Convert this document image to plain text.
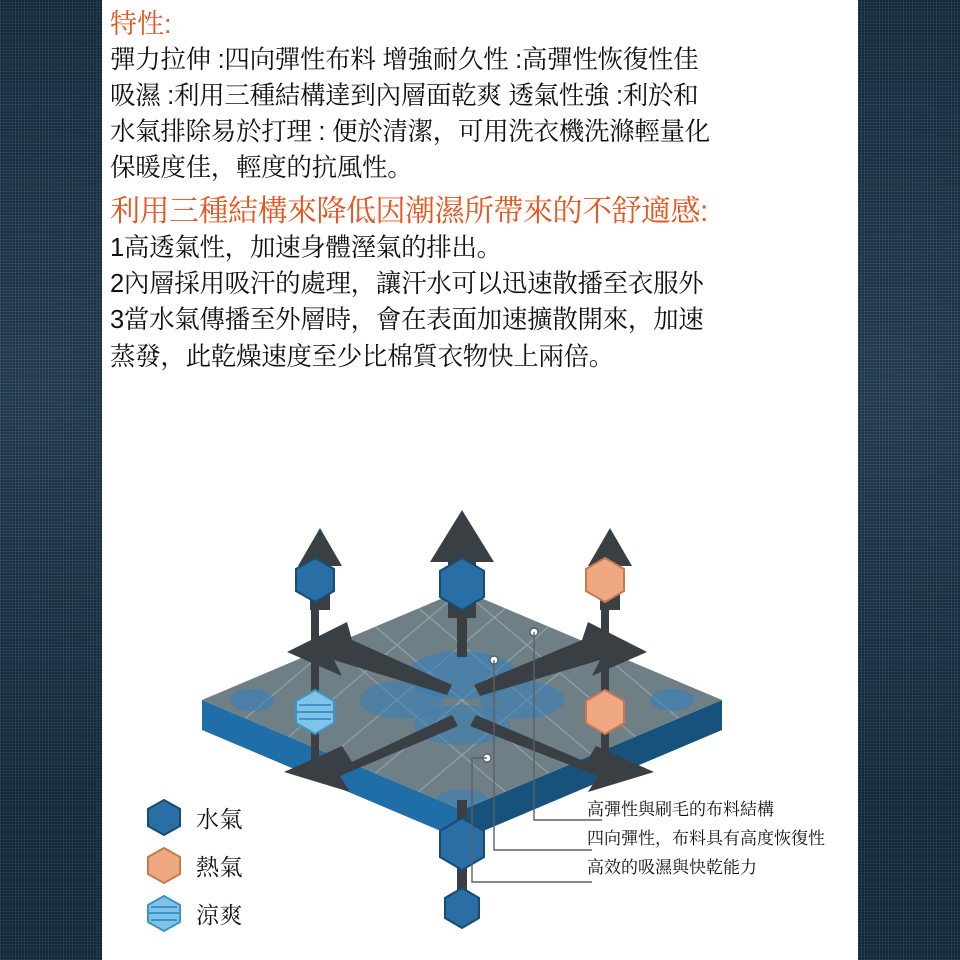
特性:
彈力拉伸 :四向彈性布料 增強耐久性 :高彈性恢復性佳
吸濕 :利用三種結構達到內層面乾爽 透氣性強 :利於和
水氣排除易於打理 : 便於清潔，可用洗衣機洗滌輕量化
保暖度佳，輕度的抗風性。
利用三種結構來降低因潮濕所帶來的不舒適感:
1高透氣性，加速身體溼氣的排出。
2內層採用吸汗的處理，讓汗水可以迅速散播至衣服外
3當水氣傳播至外層時，會在表面加速擴散開來，加速
蒸發，此乾燥速度至少比棉質衣物快上兩倍。
水氣
熱氣
涼爽
高彈性與刷毛的布料結構
四向彈性，布料具有高度恢復性
高效的吸濕與快乾能力
